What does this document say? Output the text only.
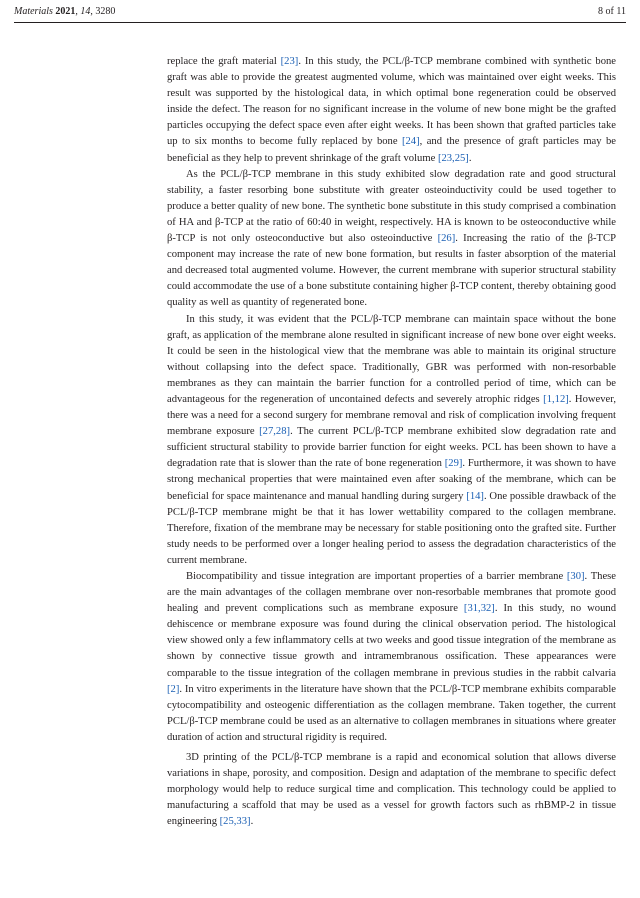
Materials 2021, 14, 3280	8 of 11

replace the graft material [23]. In this study, the PCL/β-TCP membrane combined with synthetic bone graft was able to provide the greatest augmented volume, which was maintained over eight weeks. This result was supported by the histological data, in which optimal bone regeneration could be observed inside the defect. The reason for no significant increase in the volume of new bone might be the grafted particles occupying the defect space even after eight weeks. It has been shown that grafted particles take up to six months to become fully replaced by bone [24], and the presence of graft particles may be beneficial as they help to prevent shrinkage of the graft volume [23,25].

As the PCL/β-TCP membrane in this study exhibited slow degradation rate and good structural stability, a faster resorbing bone substitute with greater osteoinductivity could be used together to produce a better quality of new bone. The synthetic bone substitute in this study comprised a combination of HA and β-TCP at the ratio of 60:40 in weight, respectively. HA is known to be osteoconductive while β-TCP is not only osteoconductive but also osteoinductive [26]. Increasing the ratio of the β-TCP component may increase the rate of new bone formation, but results in faster absorption of the material and decreased total augmented volume. However, the current membrane with superior structural stability could accommodate the use of a bone substitute containing higher β-TCP content, thereby obtaining good quality as well as quantity of regenerated bone.

In this study, it was evident that the PCL/β-TCP membrane can maintain space without the bone graft, as application of the membrane alone resulted in significant increase of new bone over eight weeks. It could be seen in the histological view that the membrane was able to maintain its original structure without collapsing into the defect space. Traditionally, GBR was performed with non-resorbable membranes as they can maintain the barrier function for a controlled period of time, which can be advantageous for the regeneration of uncontained defects and severely atrophic ridges [1,12]. However, there was a need for a second surgery for membrane removal and risk of complication involving frequent membrane exposure [27,28]. The current PCL/β-TCP membrane exhibited slow degradation rate and sufficient structural stability to provide barrier function for eight weeks. PCL has been shown to have a degradation rate that is slower than the rate of bone regeneration [29]. Furthermore, it was shown to have strong mechanical properties that were maintained even after soaking of the membrane, which can be beneficial for space maintenance and manual handling during surgery [14]. One possible drawback of the PCL/β-TCP membrane might be that it has lower wettability compared to the collagen membrane. Therefore, fixation of the membrane may be necessary for stable positioning onto the grafted site. Further study needs to be performed over a longer healing period to assess the degradation characteristics of the current membrane.

Biocompatibility and tissue integration are important properties of a barrier membrane [30]. These are the main advantages of the collagen membrane over non-resorbable membranes that promote good healing and prevent complications such as membrane exposure [31,32]. In this study, no wound dehiscence or membrane exposure was found during the clinical observation period. The histological view showed only a few inflammatory cells at two weeks and good tissue integration of the membrane as shown by connective tissue growth and intramembranous ossification. These appearances were comparable to the tissue integration of the collagen membrane in previous studies in the rabbit calvaria [2]. In vitro experiments in the literature have shown that the PCL/β-TCP membrane exhibits comparable cytocompatibility and osteogenic differentiation as the collagen membrane. Taken together, the current PCL/β-TCP membrane could be used as an alternative to collagen membranes in situations where greater duration of action and structural rigidity is required.

3D printing of the PCL/β-TCP membrane is a rapid and economical solution that allows diverse variations in shape, porosity, and composition. Design and adaptation of the membrane to specific defect morphology would help to reduce surgical time and complication. This technology could be applied to manufacturing a scaffold that may be used as a vessel for growth factors such as rhBMP-2 in tissue engineering [25,33].
